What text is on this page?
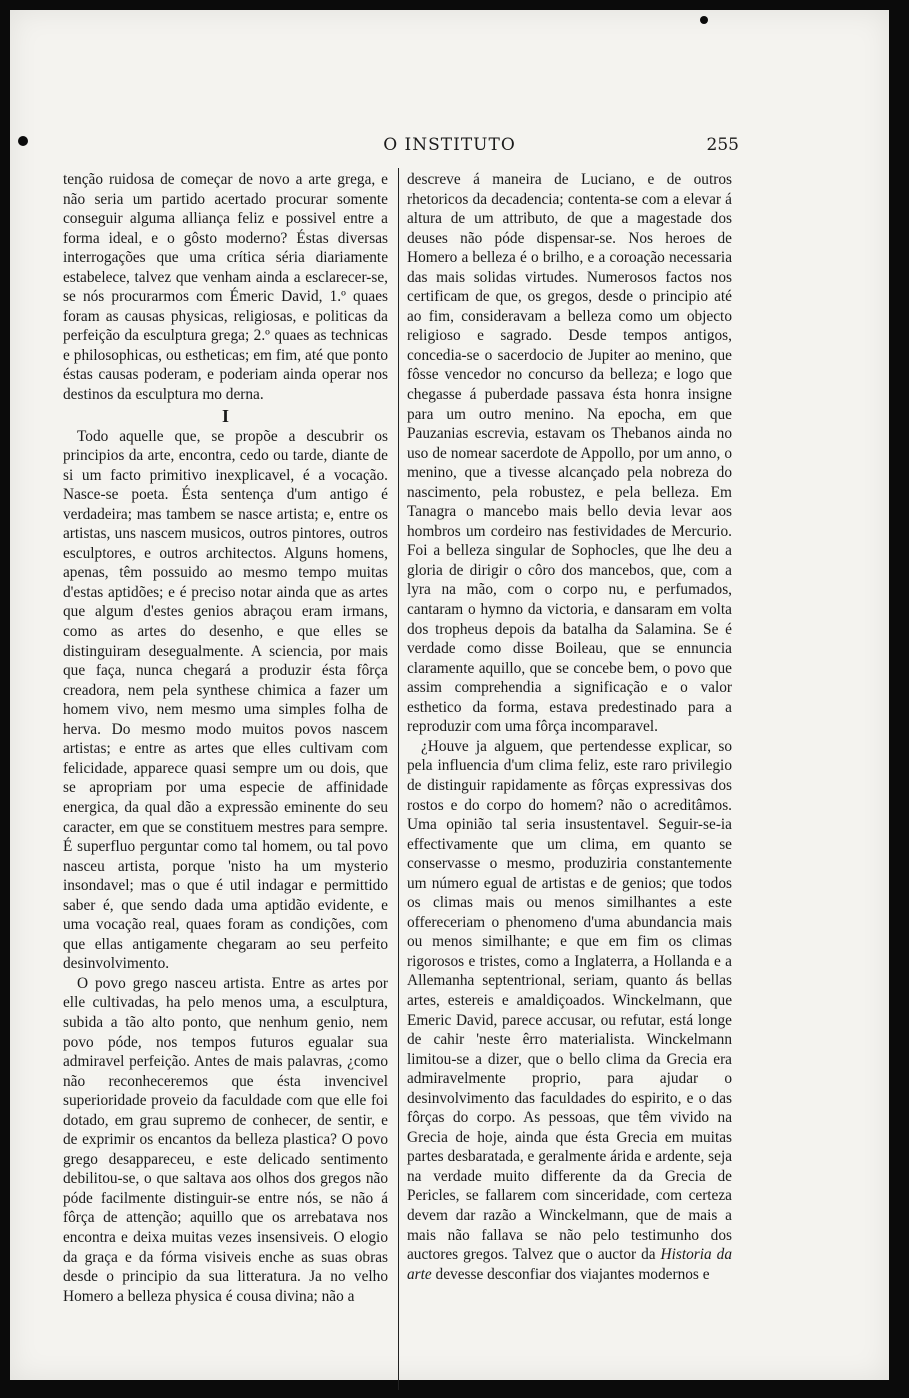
O INSTITUTO	255

tenção ruidosa de começar de novo a arte grega, e não seria um partido acertado procurar somente conseguir alguma alliança feliz e possivel entre a forma ideal, e o gôsto moderno? Éstas diversas interrogações que uma crítica séria diariamente estabelece, talvez que venham ainda a esclarecer-se, se nós procurarmos com Émeric David, 1.º quaes foram as causas physicas, religiosas, e politicas da perfeição da esculptura grega; 2.º quaes as technicas e philosophicas, ou estheticas; em fim, até que ponto éstas causas poderam, e poderiam ainda operar nos destinos da esculptura mo derna.

I

Todo aquelle que, se propõe a descubrir os principios da arte, encontra, cedo ou tarde, diante de si um facto primitivo inexplicavel, é a vocação. Nasce-se poeta. Ésta sentença d'um antigo é verdadeira; mas tambem se nasce artista; e, entre os artistas, uns nascem musicos, outros pintores, outros esculptores, e outros architectos. Alguns homens, apenas, têm possuido ao mesmo tempo muitas d'estas aptidões; e é preciso notar ainda que as artes que algum d'estes genios abraçou eram irmans, como as artes do desenho, e que elles se distinguiram desegualmente. A sciencia, por mais que faça, nunca chegará a produzir ésta fôrça creadora, nem pela synthese chimica a fazer um homem vivo, nem mesmo uma simples folha de herva. Do mesmo modo muitos povos nascem artistas; e entre as artes que elles cultivam com felicidade, apparece quasi sempre um ou dois, que se apropriam por uma especie de affinidade energica, da qual dão a expressão eminente do seu caracter, em que se constituem mestres para sempre. É superfluo perguntar como tal homem, ou tal povo nasceu artista, porque 'nisto ha um mysterio insondavel; mas o que é util indagar e permittido saber é, que sendo dada uma aptidão evidente, e uma vocação real, quaes foram as condições, com que ellas antigamente chegaram ao seu perfeito desinvolvimento.

O povo grego nasceu artista. Entre as artes por elle cultivadas, ha pelo menos uma, a esculptura, subida a tão alto ponto, que nenhum genio, nem povo póde, nos tempos futuros egualar sua admiravel perfeição. Antes de mais palavras, ¿como não reconheceremos que ésta invencivel superioridade proveio da faculdade com que elle foi dotado, em grau supremo de conhecer, de sentir, e de exprimir os encantos da belleza plastica? O povo grego desappareceu, e este delicado sentimento debilitou-se, o que saltava aos olhos dos gregos não póde facilmente distinguir-se entre nós, se não á fôrça de attenção; aquillo que os arrebatava nos encontra e deixa muitas vezes insensiveis. O elogio da graça e da fórma visiveis enche as suas obras desde o principio da sua litteratura. Ja no velho Homero a belleza physica é cousa divina; não a

descreve á maneira de Luciano, e de outros rhetoricos da decadencia; contenta-se com a elevar á altura de um attributo, de que a magestade dos deuses não póde dispensar-se. Nos heroes de Homero a belleza é o brilho, e a coroação necessaria das mais solidas virtudes. Numerosos factos nos certificam de que, os gregos, desde o principio até ao fim, consideravam a belleza como um objecto religioso e sagrado. Desde tempos antigos, concedia-se o sacerdocio de Jupiter ao menino, que fôsse vencedor no concurso da belleza; e logo que chegasse á puberdade passava ésta honra insigne para um outro menino. Na epocha, em que Pauzanias escrevia, estavam os Thebanos ainda no uso de nomear sacerdote de Appollo, por um anno, o menino, que a tivesse alcançado pela nobreza do nascimento, pela robustez, e pela belleza. Em Tanagra o mancebo mais bello devia levar aos hombros um cordeiro nas festividades de Mercurio. Foi a belleza singular de Sophocles, que lhe deu a gloria de dirigir o côro dos mancebos, que, com a lyra na mão, com o corpo nu, e perfumados, cantaram o hymno da victoria, e dansaram em volta dos tropheus depois da batalha da Salamina. Se é verdade como disse Boileau, que se ennuncia claramente aquillo, que se concebe bem, o povo que assim comprehendia a significação e o valor esthetico da forma, estava predestinado para a reproduzir com uma fôrça incomparavel.

¿Houve ja alguem, que pertendesse explicar, so pela influencia d'um clima feliz, este raro privilegio de distinguir rapidamente as fôrças expressivas dos rostos e do corpo do homem? não o acreditâmos. Uma opinião tal seria insustentavel. Seguir-se-ia effectivamente que um clima, em quanto se conservasse o mesmo, produziria constantemente um número egual de artistas e de genios; que todos os climas mais ou menos similhantes a este offereceriam o phenomeno d'uma abundancia mais ou menos similhante; e que em fim os climas rigorosos e tristes, como a Inglaterra, a Hollanda e a Allemanha septentrional, seriam, quanto ás bellas artes, estereis e amaldiçoados. Winckelmann, que Emeric David, parece accusar, ou refutar, está longe de cahir 'neste êrro materialista. Winckelmann limitou-se a dizer, que o bello clima da Grecia era admiravelmente proprio, para ajudar o desinvolvimento das faculdades do espirito, e o das fôrças do corpo. As pessoas, que têm vivido na Grecia de hoje, ainda que ésta Grecia em muitas partes desbaratada, e geralmente árida e ardente, seja na verdade muito differente da da Grecia de Pericles, se fallarem com sinceridade, com certeza devem dar razão a Winckelmann, que de mais a mais não fallava se não pelo testimunho dos auctores gregos. Talvez que o auctor da Historia da arte devesse desconfiar dos viajantes modernos e
